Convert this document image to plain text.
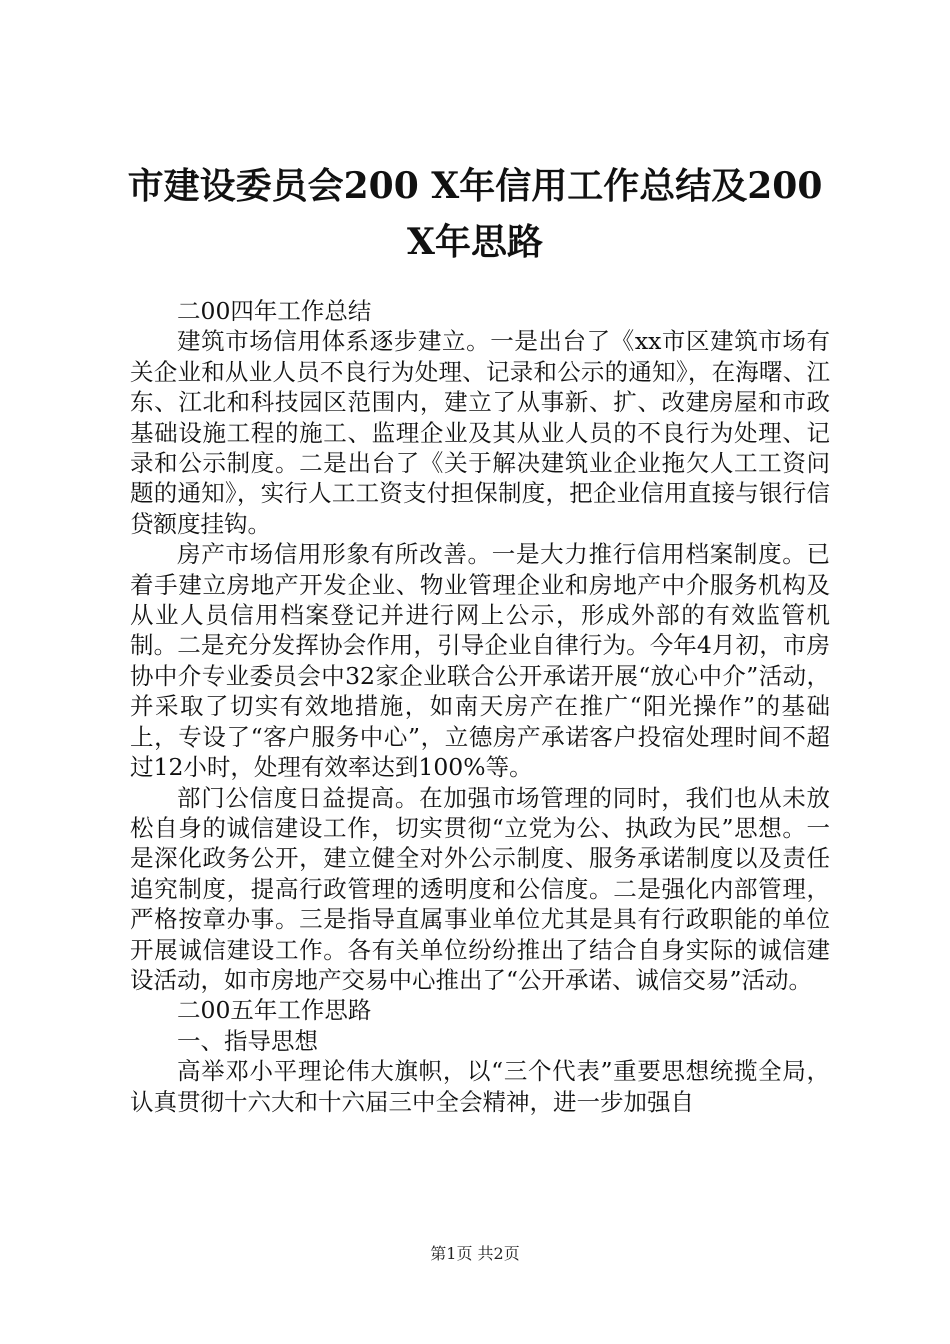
市建设委员会200 X年信用工作总结及200 X年思路

二00四年工作总结

建筑市场信用体系逐步建立。一是出台了《xx市区建筑市场有关企业和从业人员不良行为处理、记录和公示的通知》，在海曙、江东、江北和科技园区范围内，建立了从事新、扩、改建房屋和市政基础设施工程的施工、监理企业及其从业人员的不良行为处理、记录和公示制度。二是出台了《关于解决建筑业企业拖欠人工工资问题的通知》，实行人工工资支付担保制度，把企业信用直接与银行信贷额度挂钩。

房产市场信用形象有所改善。一是大力推行信用档案制度。已着手建立房地产开发企业、物业管理企业和房地产中介服务机构及从业人员信用档案登记并进行网上公示，形成外部的有效监管机制。二是充分发挥协会作用，引导企业自律行为。今年4月初，市房协中介专业委员会中32家企业联合公开承诺开展“放心中介”活动，并采取了切实有效地措施，如南天房产在推广“阳光操作”的基础上，专设了“客户服务中心”，立德房产承诺客户投宿处理时间不超过12小时，处理有效率达到100%等。

部门公信度日益提高。在加强市场管理的同时，我们也从未放松自身的诚信建设工作，切实贯彻“立党为公、执政为民”思想。一是深化政务公开，建立健全对外公示制度、服务承诺制度以及责任追究制度，提高行政管理的透明度和公信度。二是强化内部管理，严格按章办事。三是指导直属事业单位尤其是具有行政职能的单位开展诚信建设工作。各有关单位纷纷推出了结合自身实际的诚信建设活动，如市房地产交易中心推出了“公开承诺、诚信交易”活动。

二00五年工作思路

一、指导思想

高举邓小平理论伟大旗帜，以“三个代表”重要思想统揽全局，认真贯彻十六大和十六届三中全会精神，进一步加强自

第1页 共2页
